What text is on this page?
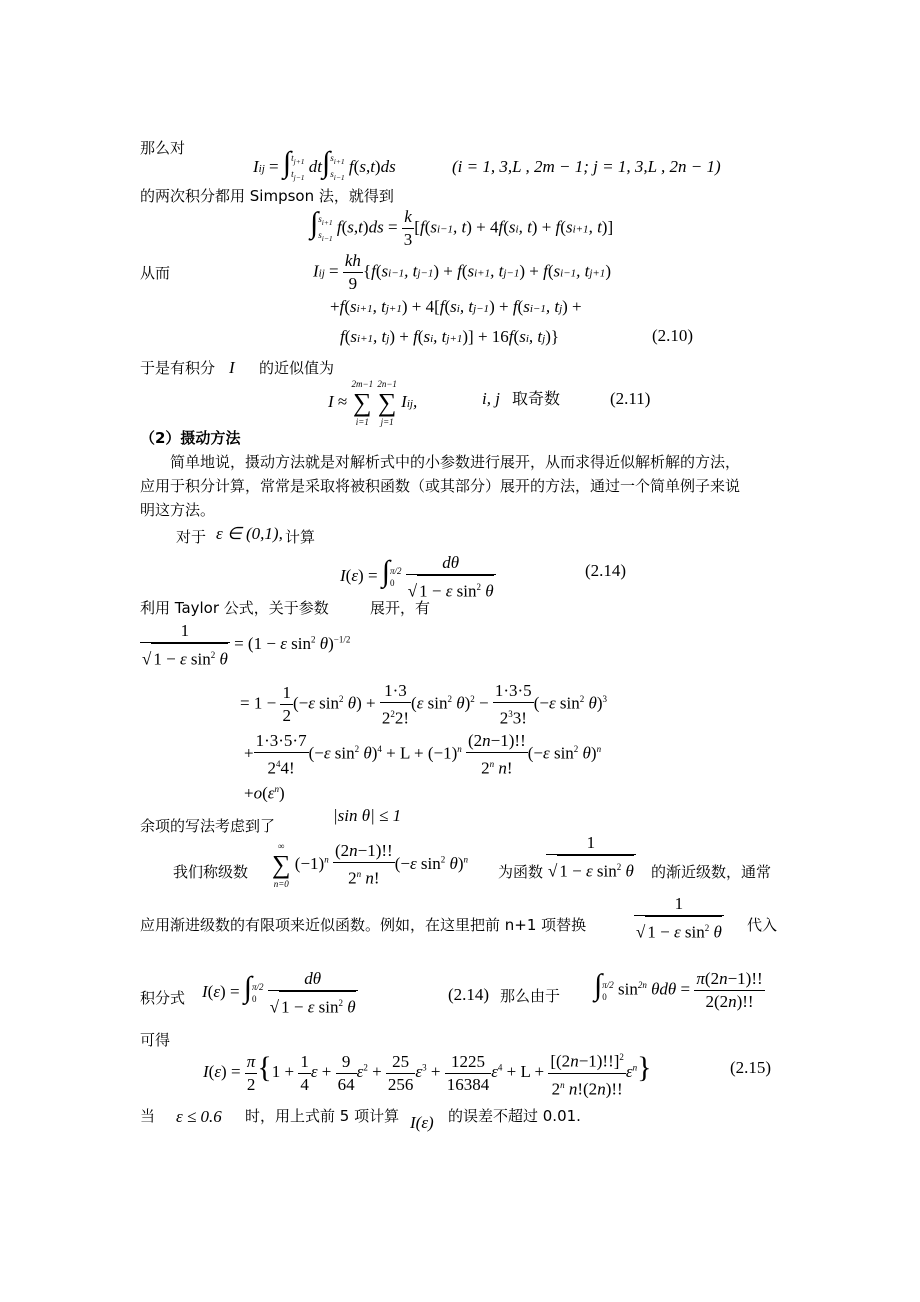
那么对
Iij = ∫ $t_{j+1}$
$t_{j-1}$
dt∫ $s_{i+1}$
$s_{i-1}$
f(s,t)ds	(i = 1, 3,L , 2m − 1; j = 1, 3,L , 2n − 1)
的两次积分都用 Simpson 法，就得到
∫ $s_{i+1}$
$s_{i-1}$
$f(s,t)ds = \frac{k}{3} [f(si-1$, t) + 4f(si, t) + f(si+1, t)]
从而	Iij = $\frac{kh}{9} \{f(si-1$, tj−1) + f(si+1, tj−1) + f(si−1, tj+1)
+f(si+1, tj+1) + 4[f(si, tj−1) + f(si−1, tj) +
f(si+1, tj) + f(si, tj+1)] + 16f(si, tj)}	(2.10)
于是有积分 I 的近似值为
I ≈
2m−1
∑
i=1

2n−1
∑
j=1
Iij,	i, j 取奇数	(2.11)
（2）摄动方法
简单地说，摄动方法就是对解析式中的小参数进行展开，从而求得近似解析解的方法，
应用于积分计算，常常是采取将被积函数（或其部分）展开的方法，通过一个简单例子来说
明这方法。
对于 ε ∈ (0,1), 计算
I(ε) = ∫ π/2
0
$\frac{d\theta}{√ 1 - \varepsilon \sin^2 \theta}$	(2.14)
利用 Taylor 公式，关于参数	展开，有
$\frac{1}{√ 1 - \varepsilon \sin^2 \theta} = (1 - \varepsilon$ $\sin^2 \theta)^{-1/2}$
= $1 - \frac{1}{2} (-\varepsilon$ $\sin^2 \theta) + \frac{1\cdot 3}{2^22!} (\varepsilon$ $\sin^2 \theta)^2 - \frac{1\cdot 3\cdot 5}{2^33!} (-\varepsilon$ $\sin^2 \theta)^3$
+ $\frac{1\cdot 3\cdot 5\cdot 7}{2^44!} (-\varepsilon$ $\sin^2 \theta)^4 + L + (-1)^n \frac{(2n-1)!!}{2^n n!} (-\varepsilon$ $\sin^2 \theta)^n$
$+o(\varepsilon^n)$
余项的写法考虑到了
|sin θ| ≤ 1
我们称级数
∞
∑
n=0
$(-1)^n \frac{(2n-1)!!}{2^n n!} (-\varepsilon$ $\sin^2 \theta)^n$
为函数 $\frac{1}{√ 1 - \varepsilon \sin^2 \theta}$ 的渐近级数，通常
应用渐进级数的有限项来近似函数。例如，在这里把前 n+1 项替换	$\frac{1}{√ 1 - \varepsilon \sin^2 \theta}$ 代入
积分式 I(ε) = ∫ π/2
0
$\frac{d\theta}{√ 1 - \varepsilon \sin^2 \theta}$	(2.14) 那么由于 ∫ π/2
0 $\sin^{2n} \theta d\theta = \frac{\pi(2n-1)!!}{2(2n)!!}$
可得
$I(\varepsilon) = \frac{\pi}{2} \{1 + \frac{1}{4}$ $\varepsilon + \frac{9}{64} \varepsilon^2 + \frac{25}{256} \varepsilon^3 + \frac{1225}{16384} \varepsilon^4 + L + \frac{[(2n-1)!!]^2}{2^n n!(2n)!!} \varepsilon^n$}	(2.15)
当 ε ≤ 0.6 时，用上式前 5 项计算 I(ε) 的误差不超过 0.01.
